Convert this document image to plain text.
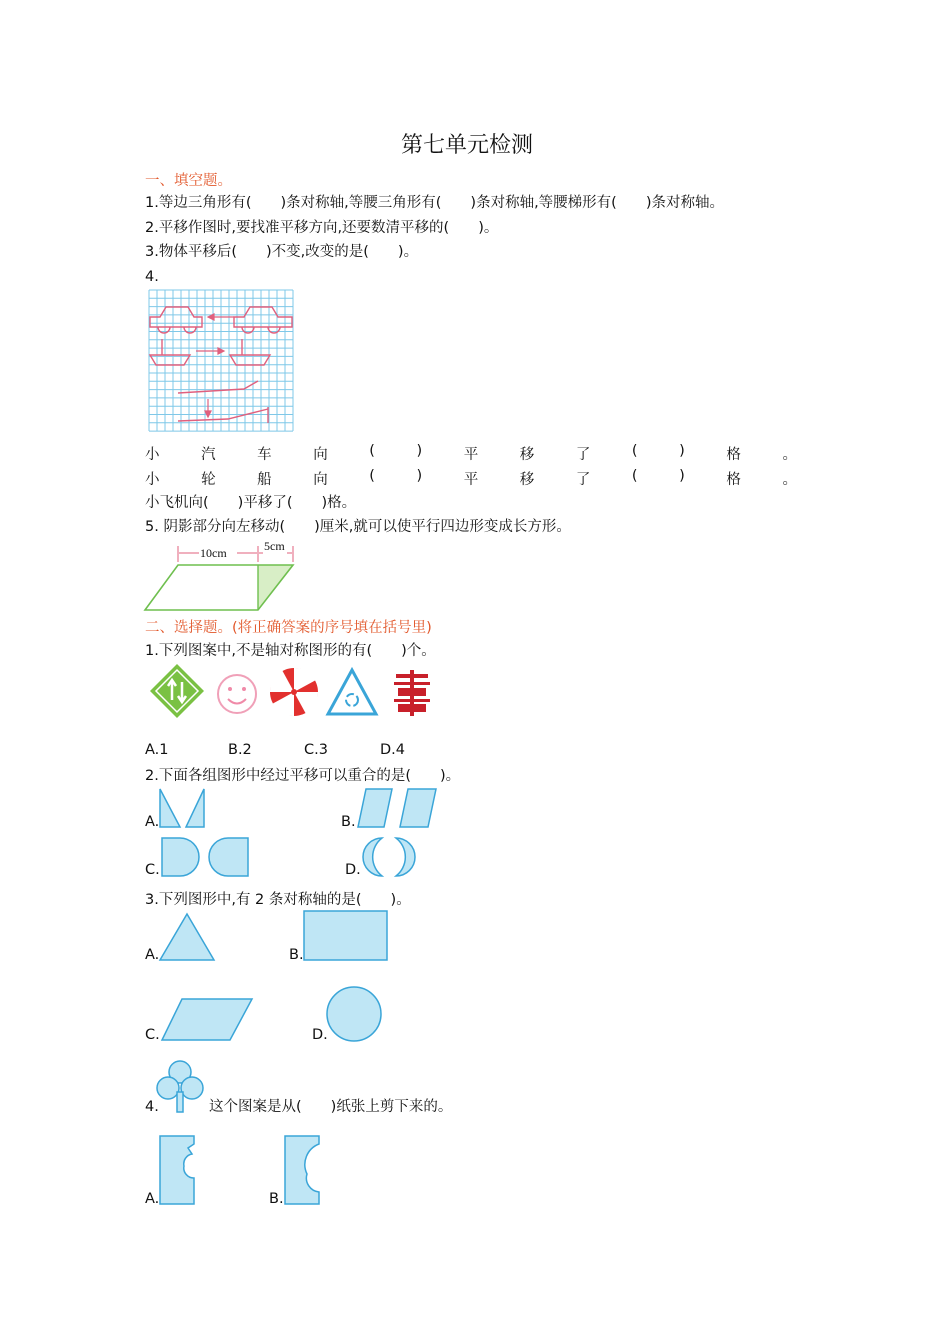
第七单元检测
一、填空题。
1.等边三角形有(　　)条对称轴,等腰三角形有(　　)条对称轴,等腰梯形有(　　)条对称轴。
2.平移作图时,要找准平移方向,还要数清平移的(　　)。
3.物体平移后(　　)不变,改变的是(　　)。
4.
小	汽	车	向	(	)	平	移	了	(	)	格	。
小	轮	船	向	(	)	平	移	了	(	)	格	。
小飞机向(　　)平移了(　　)格。
5. 阴影部分向左移动(　　)厘米,就可以使平行四边形变成长方形。
10cm	5cm
二、选择题。(将正确答案的序号填在括号里)
1.下列图案中,不是轴对称图形的有(　　)个。
A.1	B.2	C.3	D.4
2.下面各组图形中经过平移可以重合的是(　　)。
A.	B.
C.	D.
3.下列图形中,有 2 条对称轴的是(　　)。
A.	B.
C.	D.
4.	这个图案是从(　　)纸张上剪下来的。
A.	B.
